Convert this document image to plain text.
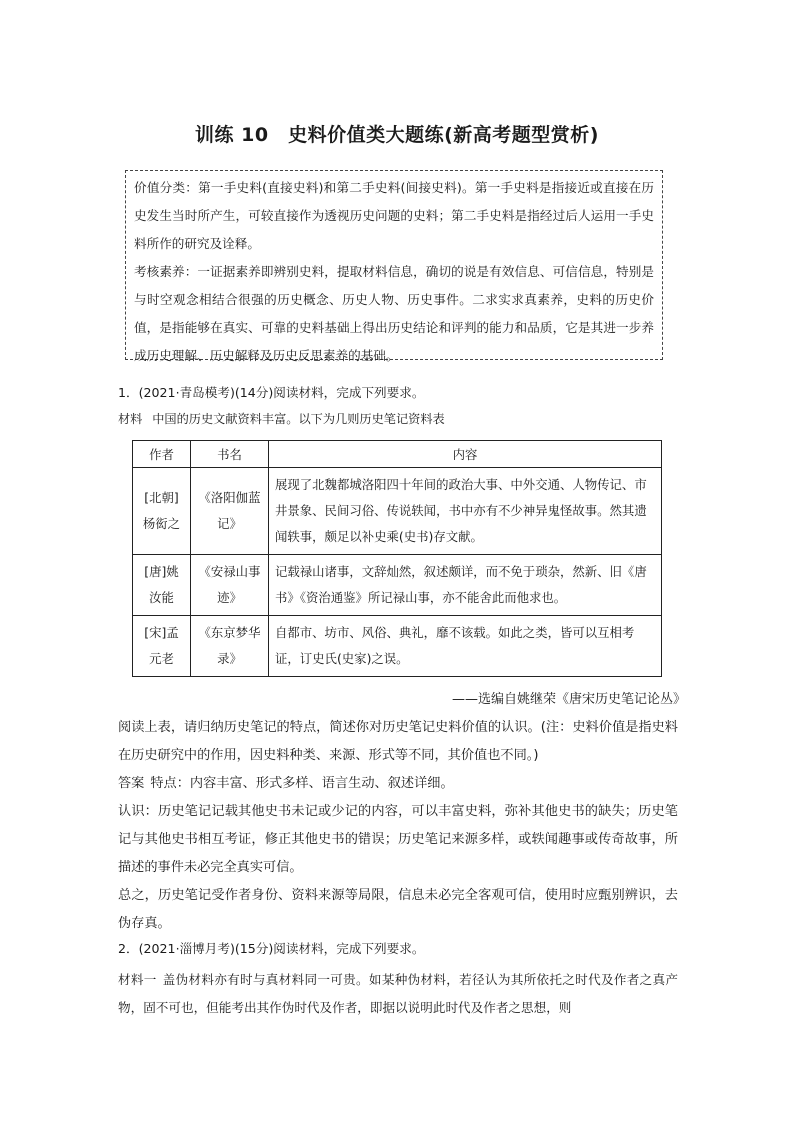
训练 10　史料价值类大题练(新高考题型赏析)

价值分类：第一手史料(直接史料)和第二手史料(间接史料)。第一手史料是指接近或直接在历史发生当时所产生，可较直接作为透视历史问题的史料；第二手史料是指经过后人运用一手史料所作的研究及诠释。

考核素养：一证据素养即辨别史料，提取材料信息，确切的说是有效信息、可信信息，特别是与时空观念相结合很强的历史概念、历史人物、历史事件。二求实求真素养，史料的历史价值，是指能够在真实、可靠的史料基础上得出历史结论和评判的能力和品质，它是其进一步养成历史理解、历史解释及历史反思素养的基础。

1．(2021·青岛模考)(14分)阅读材料，完成下列要求。
材料 中国的历史文献资料丰富。以下为几则历史笔记资料表
作者	书名	内容
[北朝]杨衒之	《洛阳伽蓝记》	展现了北魏都城洛阳四十年间的政治大事、中外交通、人物传记、市井景象、民间习俗、传说轶闻，书中亦有不少神异鬼怪故事。然其遗闻轶事，颇足以补史乘(史书)存文献。
[唐]姚汝能	《安禄山事迹》	记载禄山诸事，文辞灿然，叙述颇详，而不免于琐杂，然新、旧《唐书》《资治通鉴》所记禄山事，亦不能舍此而他求也。
[宋]孟元老	《东京梦华录》	自都市、坊市、风俗、典礼，靡不该载。如此之类，皆可以互相考证，订史氏(史家)之误。
——选编自姚继荣《唐宋历史笔记论丛》

阅读上表，请归纳历史笔记的特点，简述你对历史笔记史料价值的认识。(注：史料价值是指史料在历史研究中的作用，因史料种类、来源、形式等不同，其价值也不同。)

答案 特点：内容丰富、形式多样、语言生动、叙述详细。

认识：历史笔记记载其他史书未记或少记的内容，可以丰富史料，弥补其他史书的缺失；历史笔记与其他史书相互考证，修正其他史书的错误；历史笔记来源多样，或轶闻趣事或传奇故事，所描述的事件未必完全真实可信。

总之，历史笔记受作者身份、资料来源等局限，信息未必完全客观可信，使用时应甄别辨识，去伪存真。

2．(2021·淄博月考)(15分)阅读材料，完成下列要求。

材料一 盖伪材料亦有时与真材料同一可贵。如某种伪材料，若径认为其所依托之时代及作者之真产物，固不可也，但能考出其作伪时代及作者，即据以说明此时代及作者之思想，则
